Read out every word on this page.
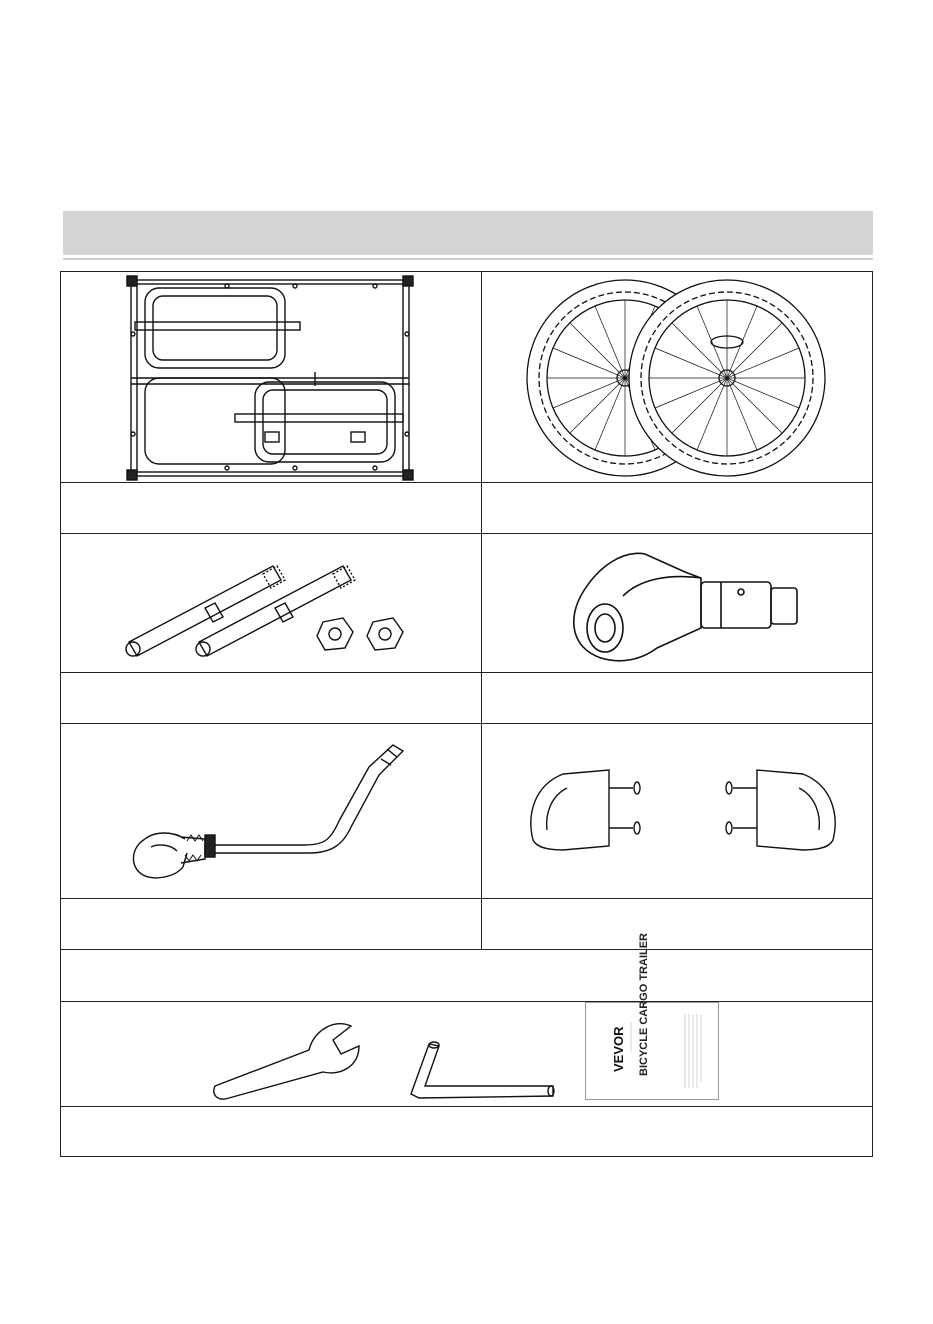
VEVOR BICYCLE CARGO TRAILER
